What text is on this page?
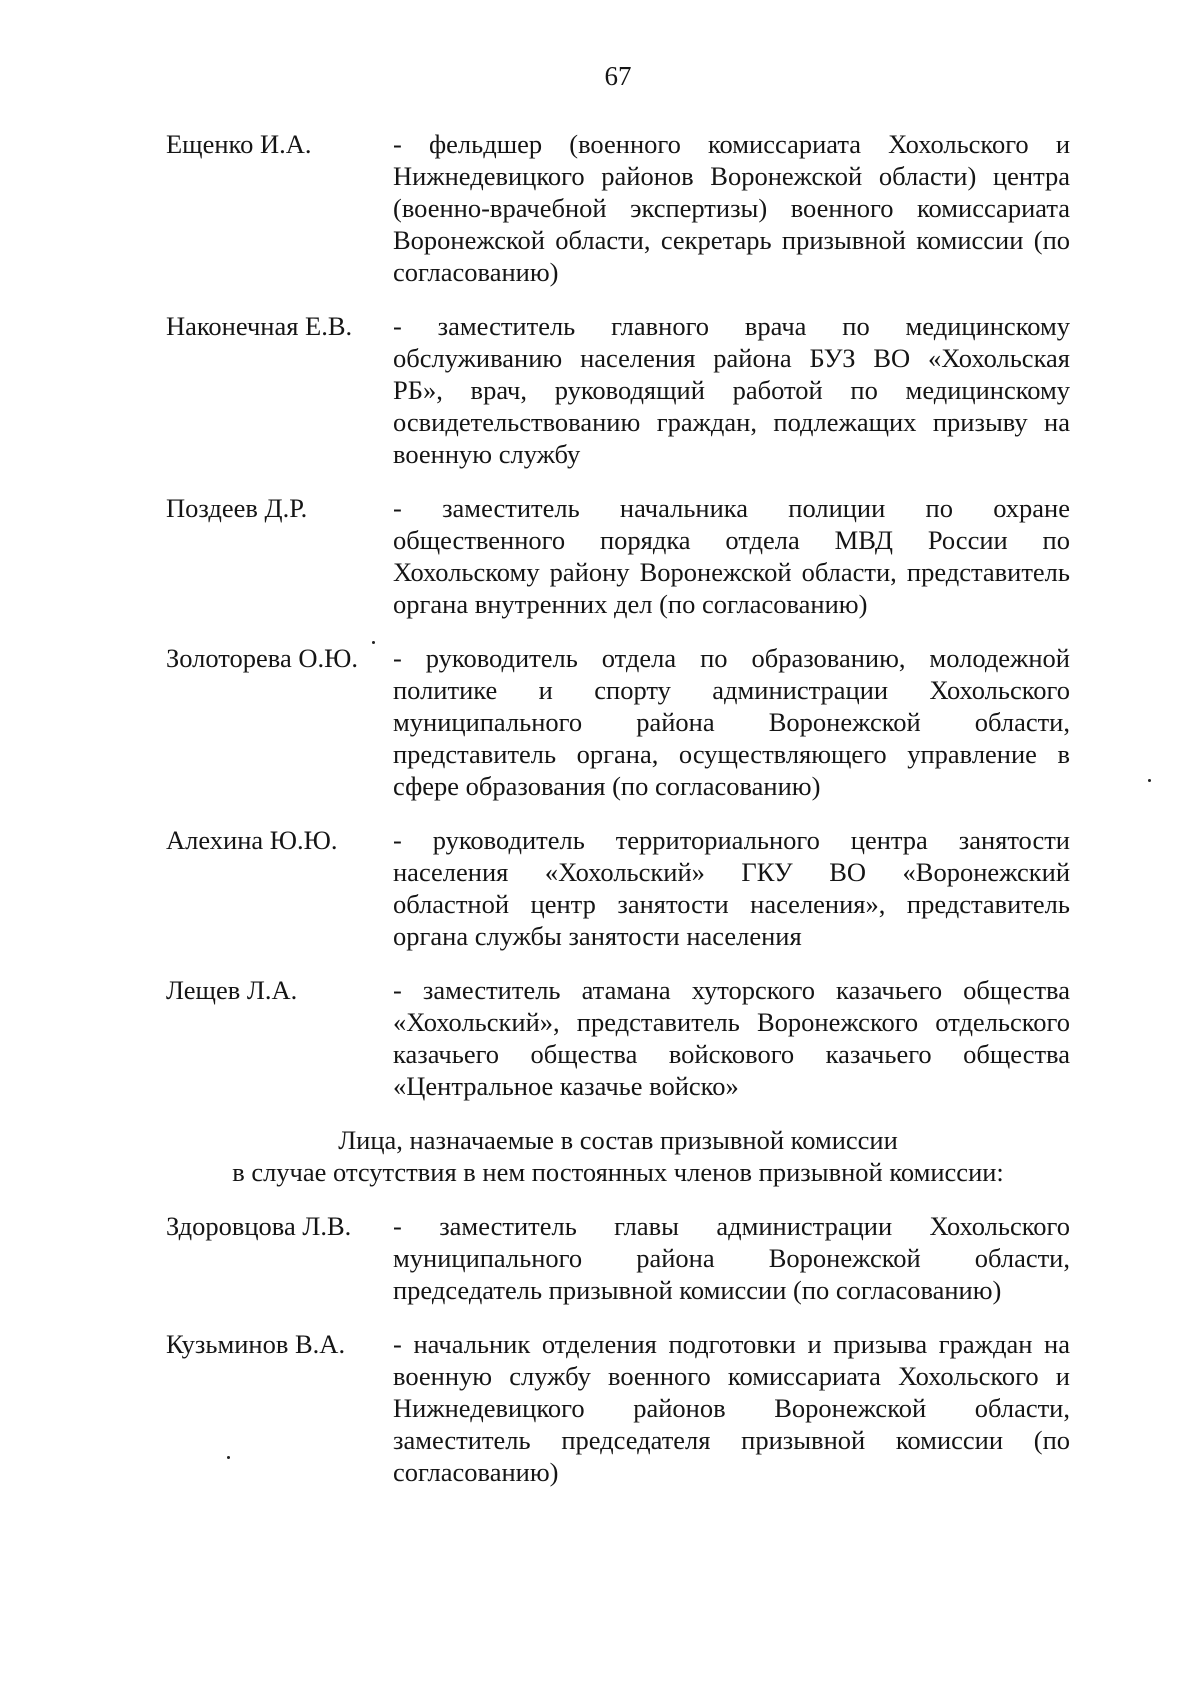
67
Ещенко И.А.	- фельдшер (военного комиссариата Хохольского и Нижнедевицкого районов Воронежской области) центра (военно-врачебной экспертизы) военного комиссариата Воронежской области, секретарь призывной комиссии (по согласованию)
Наконечная Е.В.	- заместитель главного врача по медицинскому обслуживанию населения района БУЗ ВО «Хохольская РБ», врач, руководящий работой по медицинскому освидетельствованию граждан, подлежащих призыву на военную службу
Поздеев Д.Р.	- заместитель начальника полиции по охране общественного порядка отдела МВД России по Хохольскому району Воронежской области, представитель органа внутренних дел (по согласованию)
Золоторева О.Ю.	- руководитель отдела по образованию, молодежной политике и спорту администрации Хохольского муниципального района Воронежской области, представитель органа, осуществляющего управление в сфере образования (по согласованию)
Алехина Ю.Ю.	- руководитель территориального центра занятости населения «Хохольский» ГКУ ВО «Воронежский областной центр занятости населения», представитель органа службы занятости населения
Лещев Л.А.	- заместитель атамана хуторского казачьего общества «Хохольский», представитель Воронежского отдельского казачьего общества войскового казачьего общества «Центральное казачье войско»
Лица, назначаемые в состав призывной комиссии
в случае отсутствия в нем постоянных членов призывной комиссии:
Здоровцова Л.В.	- заместитель главы администрации Хохольского муниципального района Воронежской области, председатель призывной комиссии (по согласованию)
Кузьминов В.А.	- начальник отделения подготовки и призыва граждан на военную службу военного комиссариата Хохольского и Нижнедевицкого районов Воронежской области, заместитель председателя призывной комиссии (по согласованию)
